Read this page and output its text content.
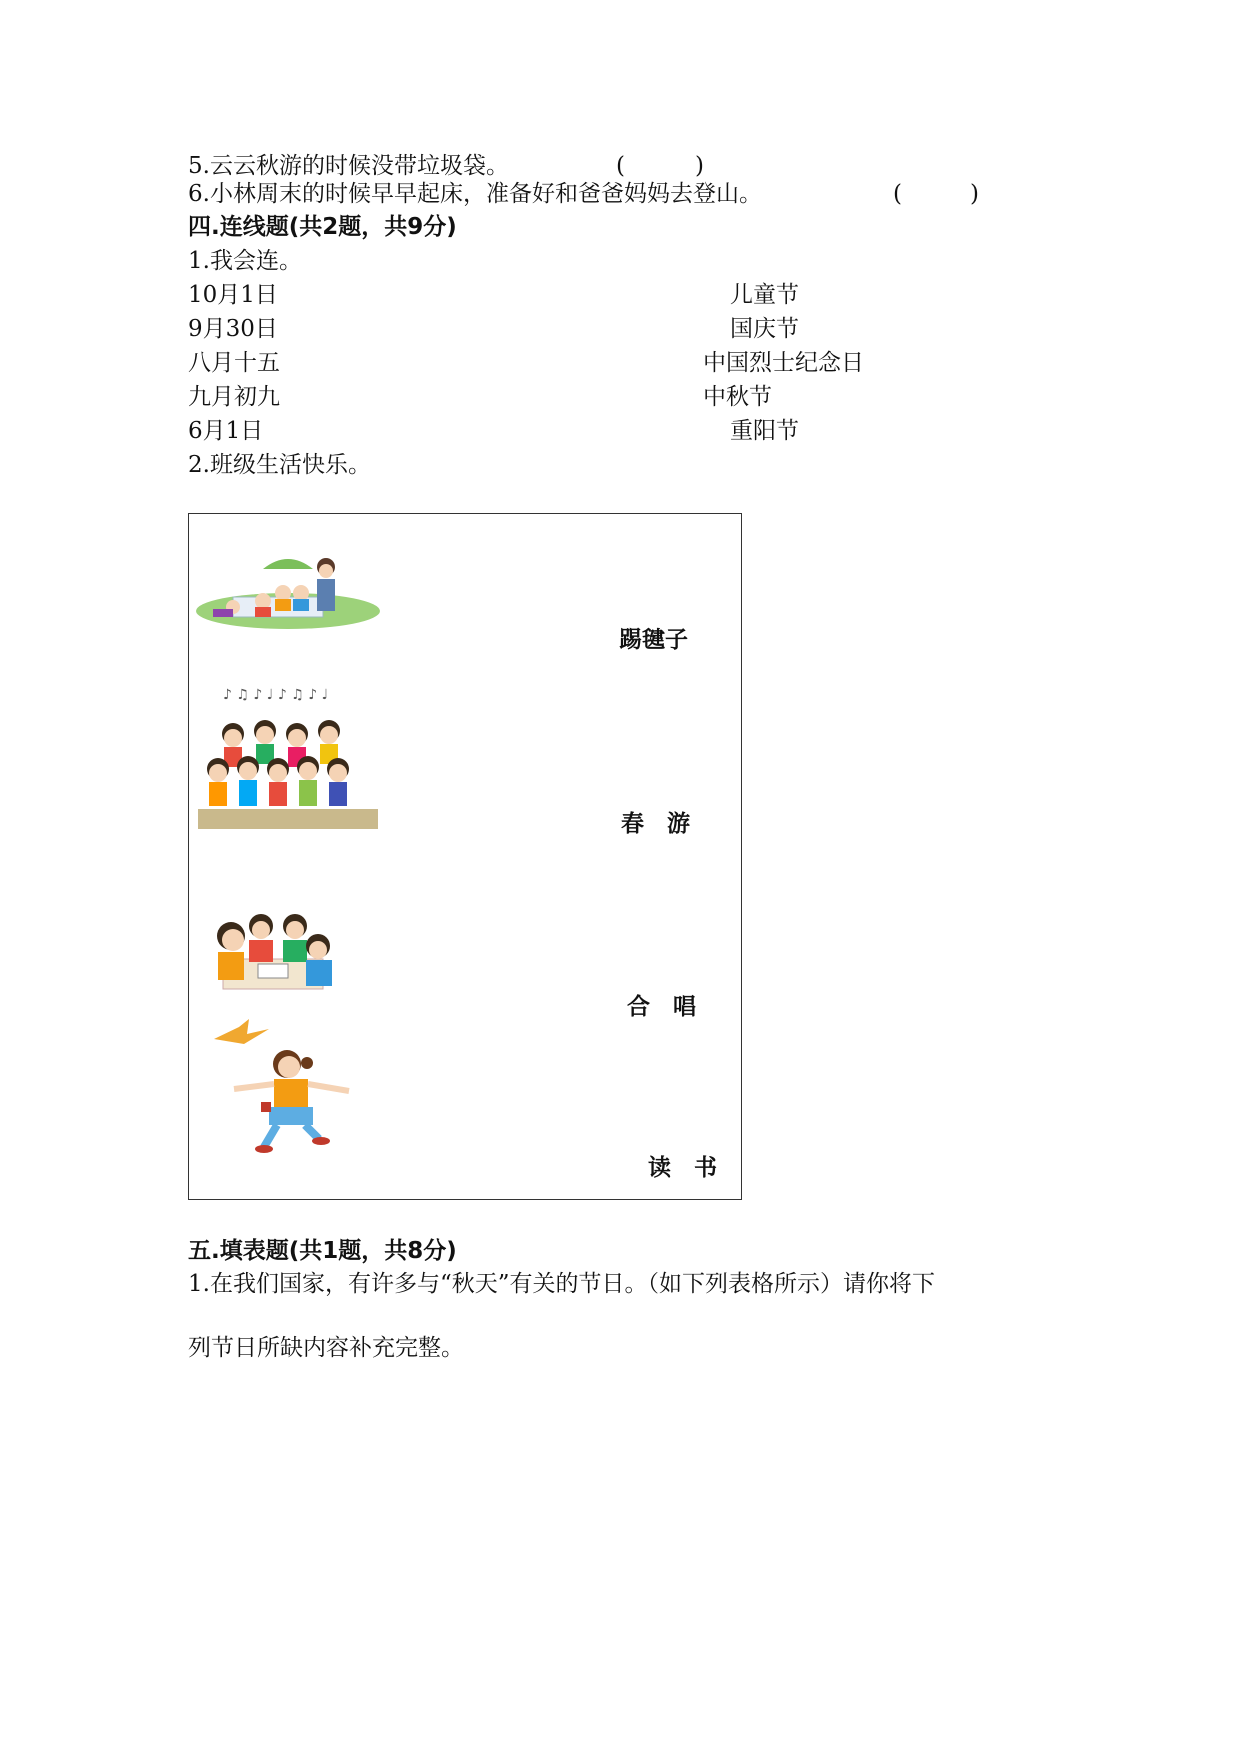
5.云云秋游的时候没带垃圾袋。	(	)
6.小林周末的时候早早起床，准备好和爸爸妈妈去登山。	(	)
四.连线题(共2题，共9分)
1.我会连。
10月1日
9月30日
八月十五
九月初九
6月1日
儿童节
国庆节
中国烈士纪念日
中秋节
重阳节
2.班级生活快乐。
♪ ♫ ♪ ♩ ♪ ♫ ♪ ♩
踢毽子
春　游
合　唱
读　书
五.填表题(共1题，共8分)
1.在我们国家，有许多与“秋天”有关的节日。（如下列表格所示）请你将下
列节日所缺内容补充完整。
